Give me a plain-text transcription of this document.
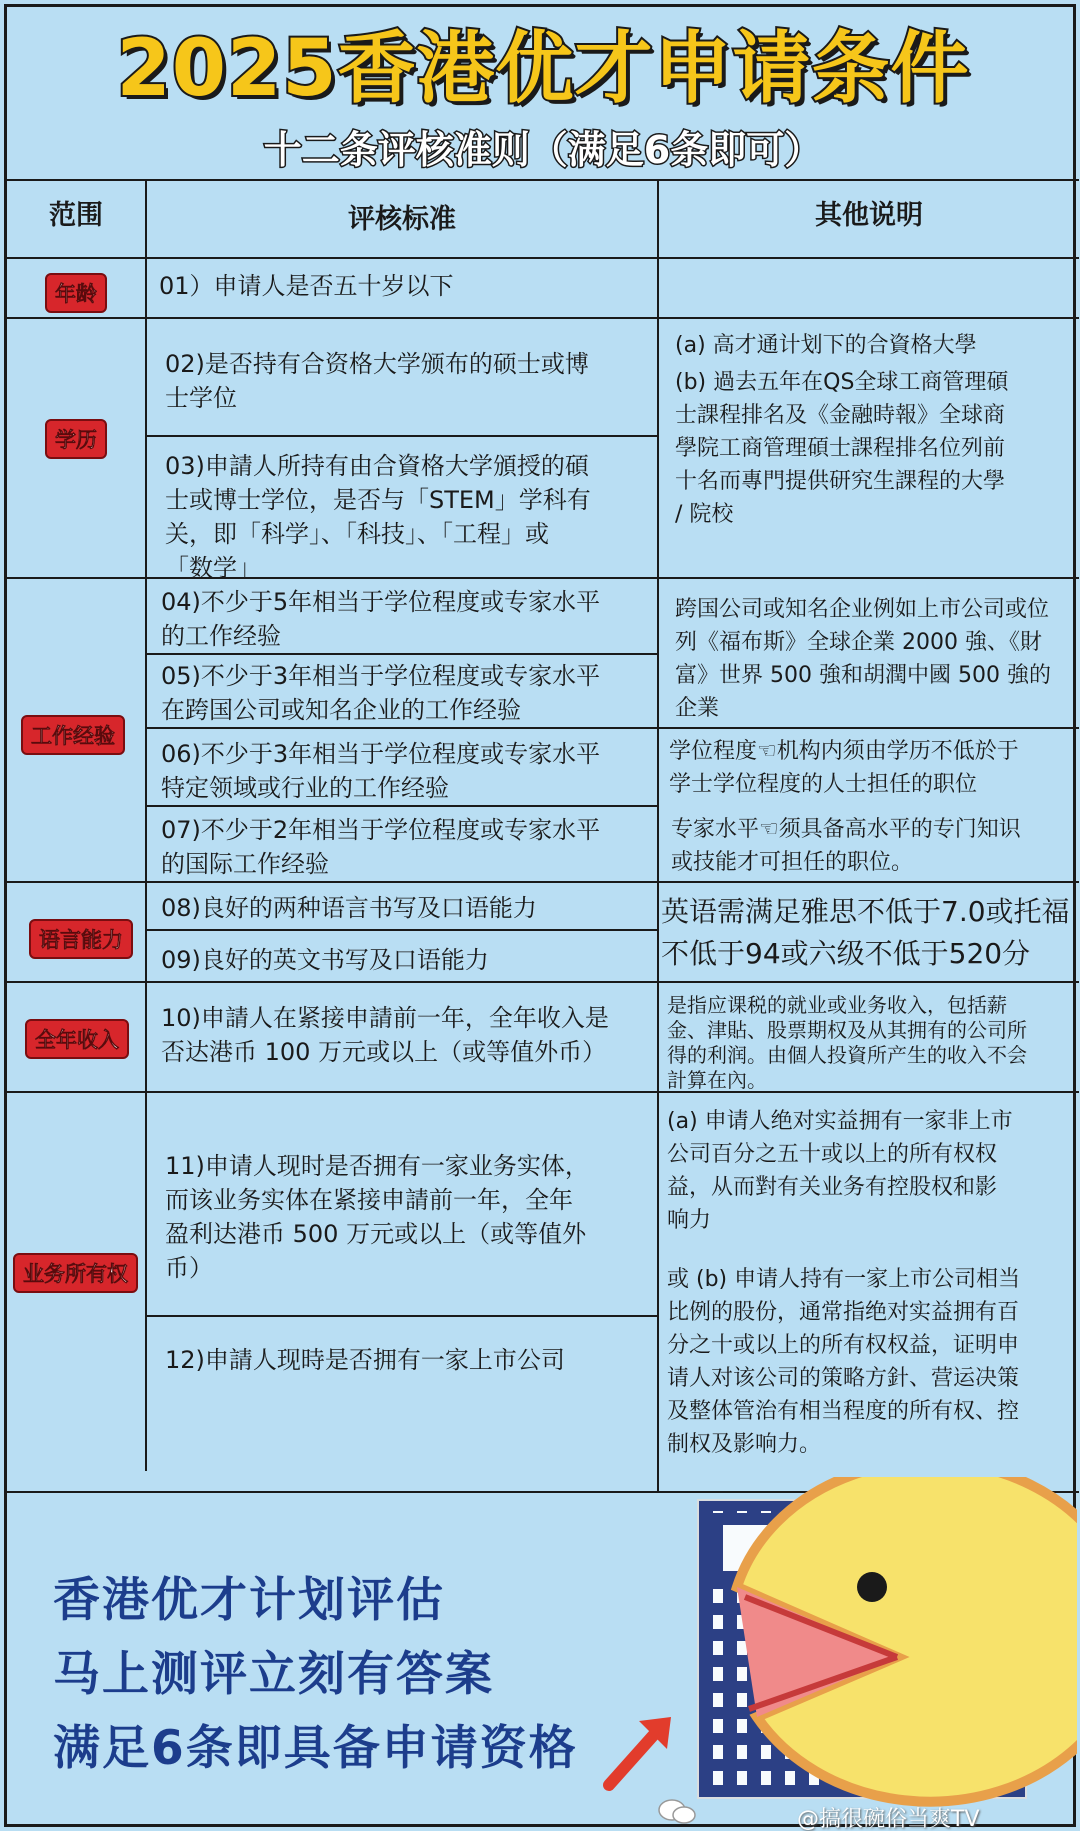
2025香港优才申请条件
十二条评核准则（满足6条即可）
范围	评核标准	其他说明
年龄
学历
工作经验
语言能力
全年收入
业务所有权
01）申请人是否五十岁以下
02)是否持有合资格大学颁布的硕士或博
士学位
03)申請人所持有由合資格大学頒授的碩
士或博士学位，是否与「STEM」学科有
关，即「科学」、「科技」、「工程」或
「数学」
04)不少于5年相当于学位程度或专家水平
的工作经验
05)不少于3年相当于学位程度或专家水平
在跨国公司或知名企业的工作经验
06)不少于3年相当于学位程度或专家水平
特定领域或行业的工作经验
07)不少于2年相当于学位程度或专家水平
的国际工作经验
08)良好的两种语言书写及口语能力
09)良好的英文书写及口语能力
10)申請人在紧接申請前一年，全年收入是
否达港币 100 万元或以上（或等值外币）
11)申请人现时是否拥有一家业务实体，
而该业务实体在紧接申請前一年，全年
盈利达港币 500 万元或以上（或等值外
币）
12)申請人现時是否拥有一家上市公司
(a) 高才通计划下的合資格大學
(b) 過去五年在QS全球工商管理碩
士課程排名及《金融時報》全球商
學院工商管理碩士課程排名位列前
十名而專門提供研究生課程的大學
/ 院校
跨国公司或知名企业例如上市公司或位
列《福布斯》全球企業 2000 強、《財
富》世界 500 強和胡潤中國 500 強的
企業
学位程度☜机构内须由学历不低於于
学士学位程度的人士担任的职位
专家水平☜须具备高水平的专门知识
或技能才可担任的职位。
英语需满足雅思不低于7.0或托福
不低于94或六级不低于520分
是指应课税的就业或业务收入，包括薪
金、津貼、股票期权及从其拥有的公司所
得的利润。由個人投資所产生的收入不会
計算在內。
(a) 申请人绝对实益拥有一家非上市
公司百分之五十或以上的所有权权
益，从而對有关业务有控股权和影
响力
或 (b) 申请人持有一家上市公司相当
比例的股份，通常指绝对实益拥有百
分之十或以上的所有权权益，证明申
请人对该公司的策略方針、营运决策
及整体管治有相当程度的所有权、控
制权及影响力。
香港优才计划评估
马上测评立刻有答案
满足6条即具备申请资格
@搞很碗俗当爽TV
